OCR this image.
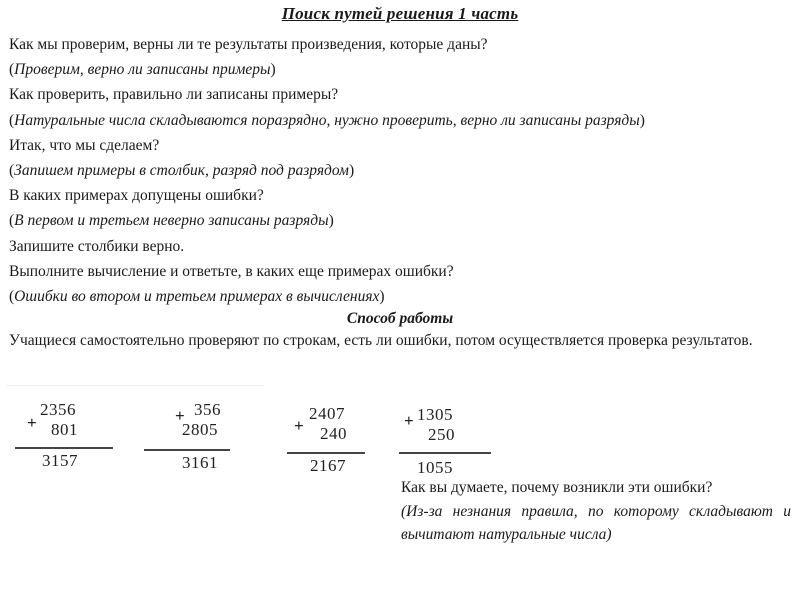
Поиск путей решения 1 часть
Как мы проверим, верны ли те результаты произведения, которые даны?
(Проверим, верно ли записаны примеры)
Как проверить, правильно ли записаны примеры?
(Натуральные числа складываются поразрядно, нужно проверить, верно ли записаны разряды)
Итак, что мы сделаем?
(Запишем примеры в столбик, разряд под разрядом)
В каких примерах допущены ошибки?
(В первом и третьем неверно записаны разряды)
Запишите столбики верно.
Выполните вычисление и ответьте, в каких еще примерах ошибки?
(Ошибки во втором и третьем примерах в вычислениях)
Способ работы
Учащиеся самостоятельно проверяют по строкам, есть ли ошибки, потом осуществляется проверка результатов.
+
2356
801
3157
+ 356
2805
3161
+
2407
240
2167
+ 1305
250
1055
Как вы думаете, почему возникли эти ошибки?
(Из-за незнания правила, по которому складывают и вычитают натуральные числа)
